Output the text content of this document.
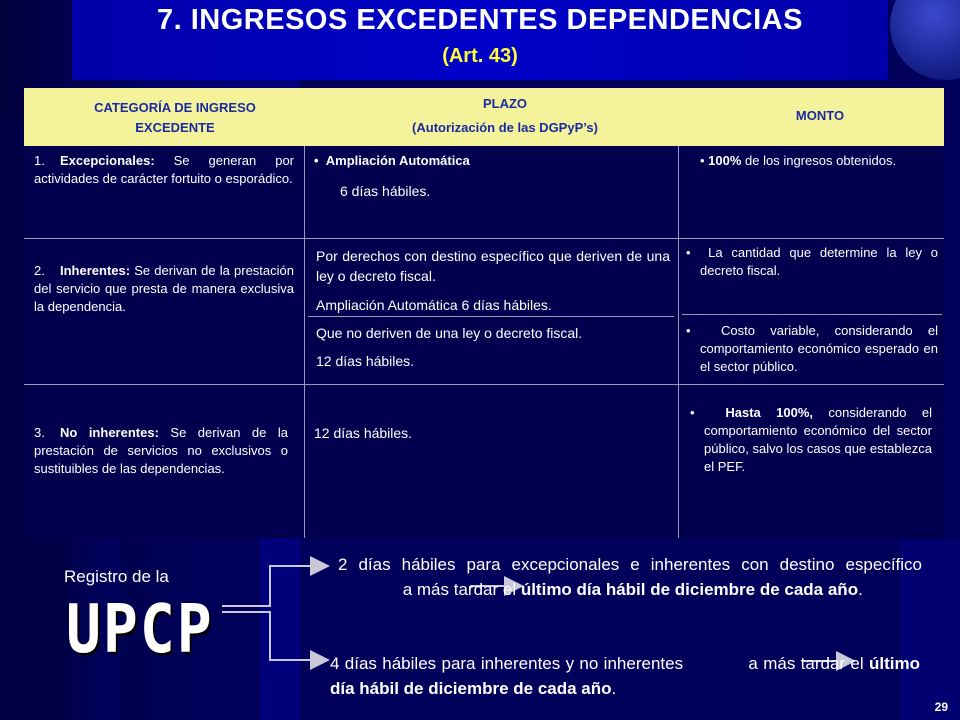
7. INGRESOS EXCEDENTES DEPENDENCIAS
(Art. 43)
CATEGORÍA DE INGRESO
EXCEDENTE
PLAZO
(Autorización de las DGPyP’s)
MONTO
1. Excepcionales: Se generan por actividades de carácter fortuito o esporádico.
•  Ampliación Automática
6 días hábiles.
• 100% de los ingresos obtenidos.
2. Inherentes: Se derivan de la prestación del servicio que presta de manera exclusiva la dependencia.
Por derechos con destino específico que deriven de una ley o decreto fiscal.
Ampliación Automática 6 días hábiles.
Que no deriven de una ley o decreto fiscal.
12 días hábiles.
•  La cantidad que determine la ley o decreto fiscal.
•  Costo variable, considerando el comportamiento económico esperado en el sector público.
3. No inherentes: Se derivan de la prestación de servicios no exclusivos o sustituibles de las dependencias.
12 días hábiles.
•  Hasta 100%, considerando el comportamiento económico del sector público, salvo los casos que establezca el PEF.
Registro de la
UPCP
2 días hábiles para excepcionales e inherentes con destino específico a más tardar el último día hábil de diciembre de cada año.
4 días hábiles para inherentes y no inherentes	a más tardar el último día hábil de diciembre de cada año.
29
